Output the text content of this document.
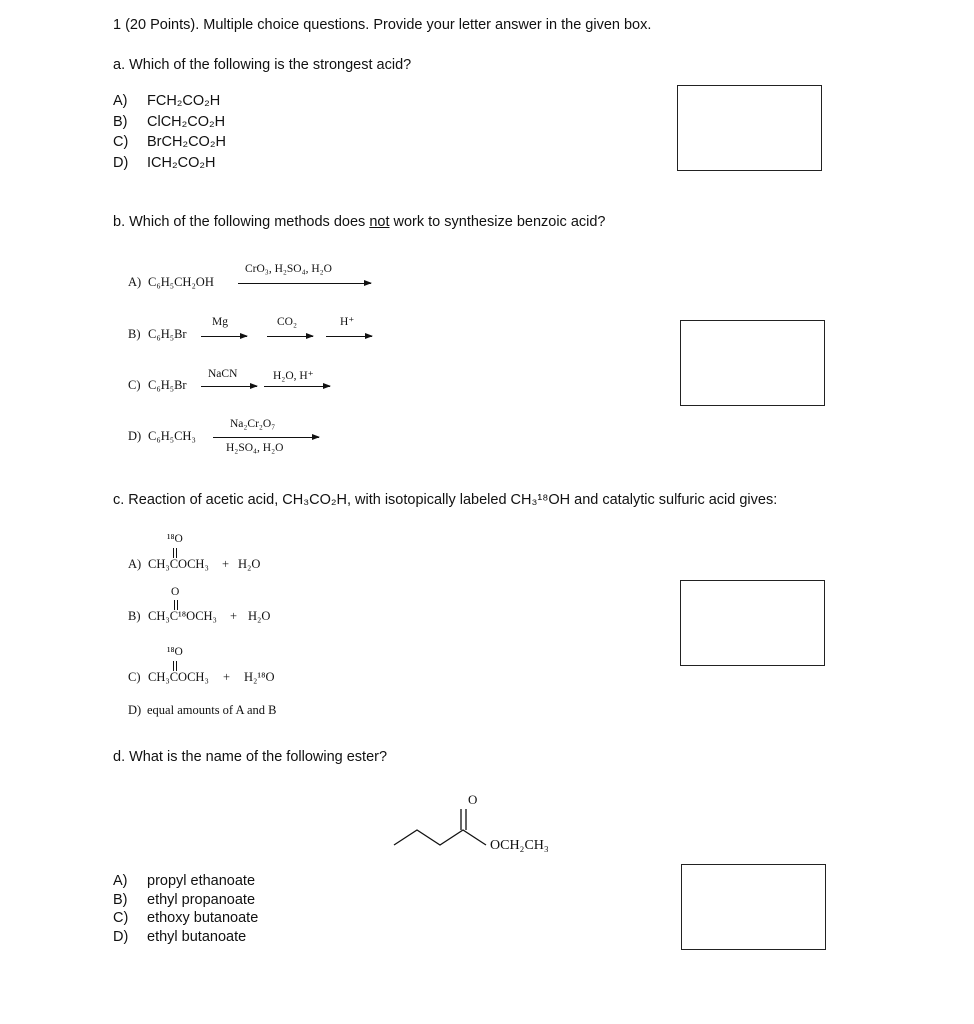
1 (20 Points). Multiple choice questions. Provide your letter answer in the given box.
a. Which of the following is the strongest acid?
A) FCH₂CO₂H
B) ClCH₂CO₂H
C) BrCH₂CO₂H
D) ICH₂CO₂H
b. Which of the following methods does not work to synthesize benzoic acid?
A) C₆H₅CH₂OH
CrO₃, H₂SO₄, H₂O
B) C₆H₅Br
Mg	CO₂	H⁺
C) C₆H₅Br
NaCN	H₂O, H⁺
D) C₆H₅CH₃
Na₂Cr₂O₇
H₂SO₄, H₂O
c. Reaction of acetic acid, CH₃CO₂H, with isotopically labeled CH₃¹⁸OH and catalytic sulfuric acid gives:
¹⁸O
A) CH₃COCH₃ + H₂O
O
B) CH₃C¹⁸OCH₃ + H₂O
¹⁸O
C) CH₃COCH₃ + H₂¹⁸O
D) equal amounts of A and B
d. What is the name of the following ester?
O
OCH₂CH₃
A) propyl ethanoate
B) ethyl propanoate
C) ethoxy butanoate
D) ethyl butanoate
